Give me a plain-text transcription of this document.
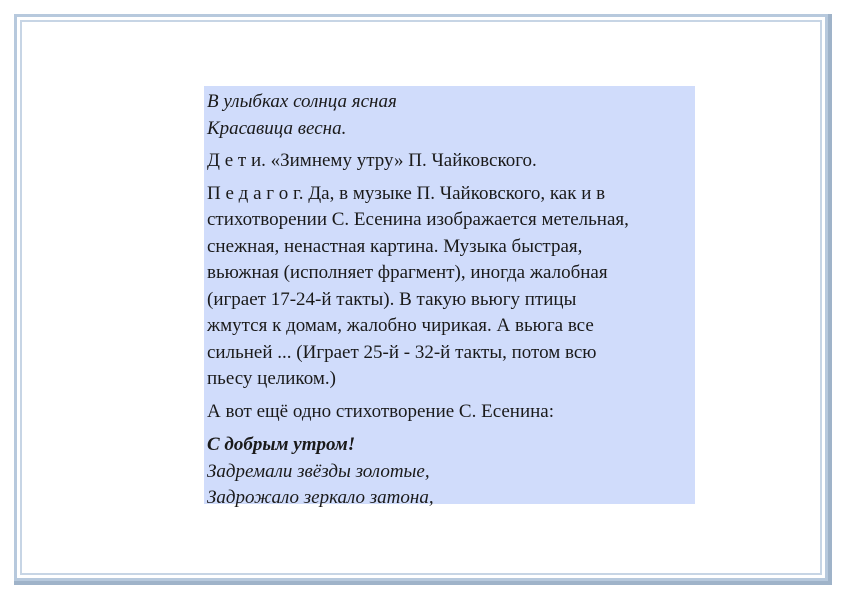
В улыбках солнца ясная
Красавица весна.

Д е т и. «Зимнему утру» П. Чайковского.

П е д а г о г. Да, в музыке П. Чайковского, как и в
стихотворении С. Есенина изображается метельная,
снежная, ненастная картина. Музыка быстрая,
вьюжная (исполняет фрагмент), иногда жалобная
(играет 17-24-й такты). В такую вьюгу птицы
жмутся к домам, жалобно чирикая. А вьюга все
сильней ... (Играет 25-й - 32-й такты, потом всю
пьесу целиком.)

А вот ещё одно стихотворение С. Есенина:

С добрым утром!
Задремали звёзды золотые,
Задрожало зеркало затона,
